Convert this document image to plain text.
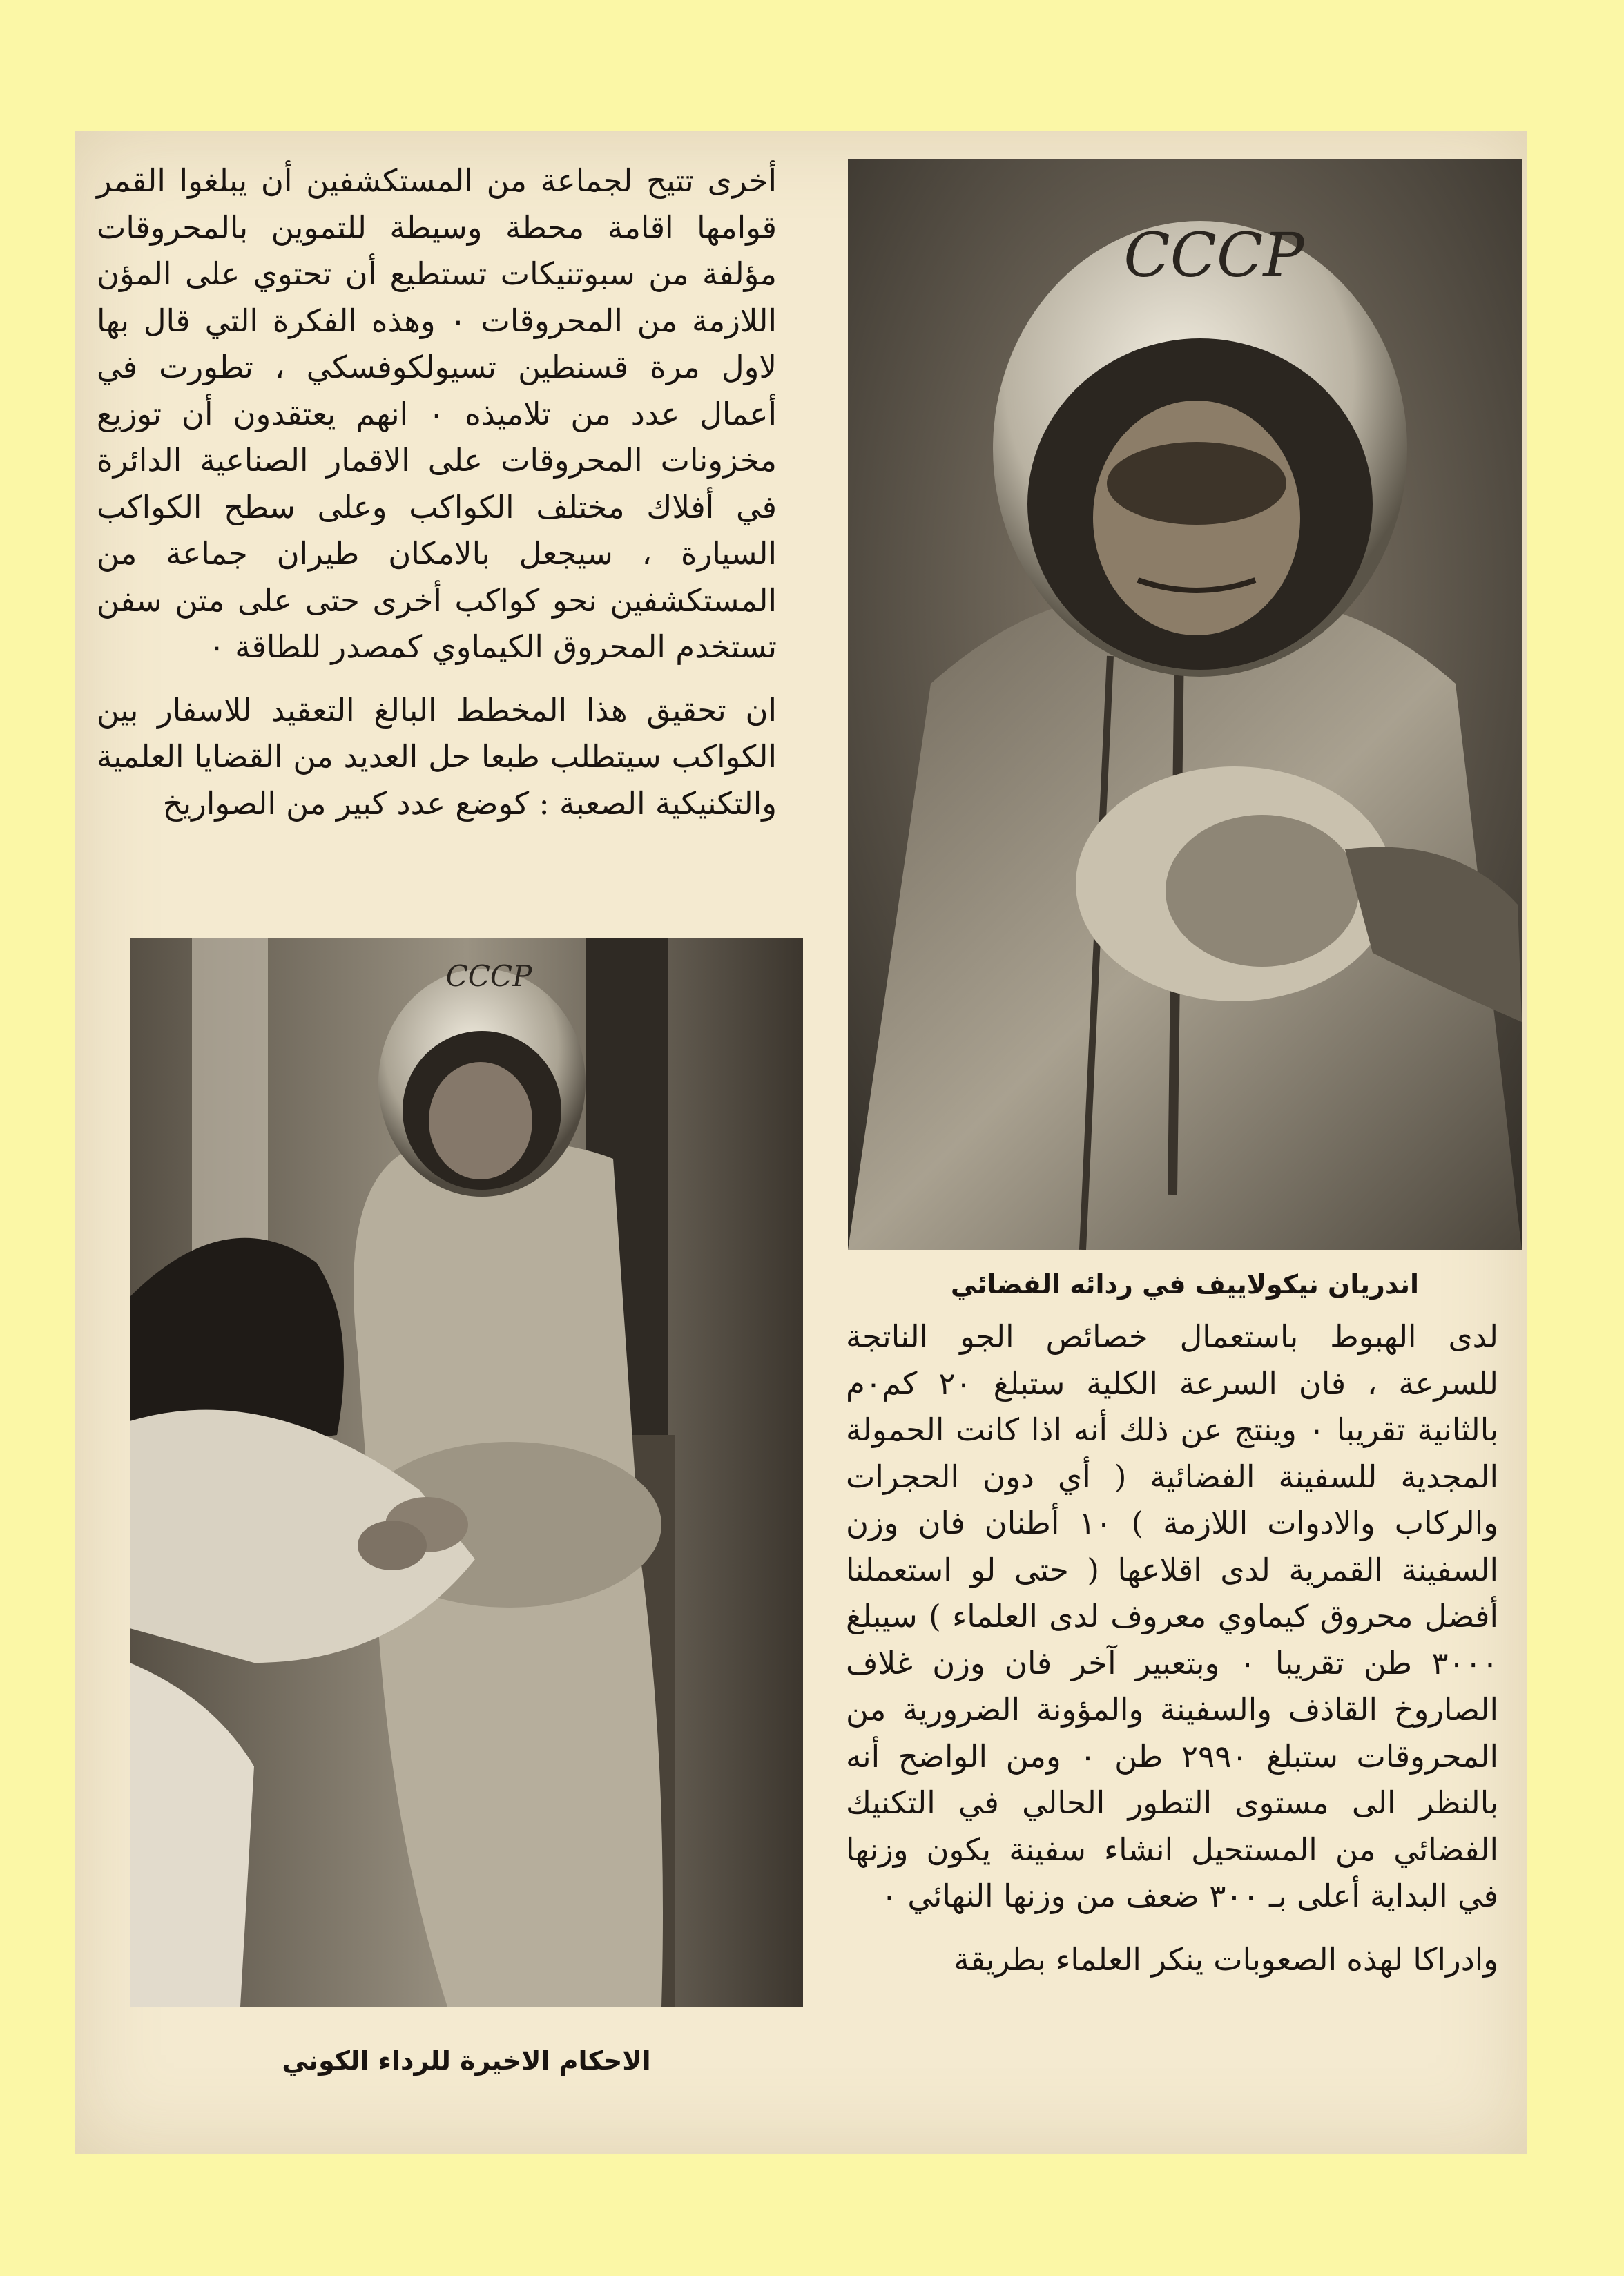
أخرى تتيح لجماعة من المستكشفين أن يبلغوا القمر قوامها اقامة محطة وسيطة للتموين بالمحروقات مؤلفة من سبوتنيكات تستطيع أن تحتوي على المؤن اللازمة من المحروقات ٠ وهذه الفكرة التي قال بها لاول مرة قسنطين تسيولكوفسكي ، تطورت في أعمال عدد من تلاميذه ٠ انهم يعتقدون أن توزيع مخزونات المحروقات على الاقمار الصناعية الدائرة في أفلاك مختلف الكواكب وعلى سطح الكواكب السيارة ، سيجعل بالامكان طيران جماعة من المستكشفين نحو كواكب أخرى حتى على متن سفن تستخدم المحروق الكيماوي كمصدر للطاقة ٠

ان تحقيق هذا المخطط البالغ التعقيد للاسفار بين الكواكب سيتطلب طبعا حل العديد من القضايا العلمية والتكنيكية الصعبة : كوضع عدد كبير من الصواريخ

CCCP
اندريان نيكولاييف في ردائه الفضائي
CCCP
الاحكام الاخيرة للرداء الكوني

لدى الهبوط باستعمال خصائص الجو الناتجة للسرعة ، فان السرعة الكلية ستبلغ ٢٠ كم٠م بالثانية تقريبا ٠ وينتج عن ذلك أنه اذا كانت الحمولة المجدية للسفينة الفضائية ( أي دون الحجرات والركاب والادوات اللازمة ) ١٠ أطنان فان وزن السفينة القمرية لدى اقلاعها ( حتى لو استعملنا أفضل محروق كيماوي معروف لدى العلماء ) سيبلغ ٣٠٠٠ طن تقريبا ٠ وبتعبير آخر فان وزن غلاف الصاروخ القاذف والسفينة والمؤونة الضرورية من المحروقات ستبلغ ٢٩٩٠ طن ٠ ومن الواضح أنه بالنظر الى مستوى التطور الحالي في التكنيك الفضائي من المستحيل انشاء سفينة يكون وزنها في البداية أعلى بـ ٣٠٠ ضعف من وزنها النهائي ٠

وادراكا لهذه الصعوبات ينكر العلماء بطريقة
